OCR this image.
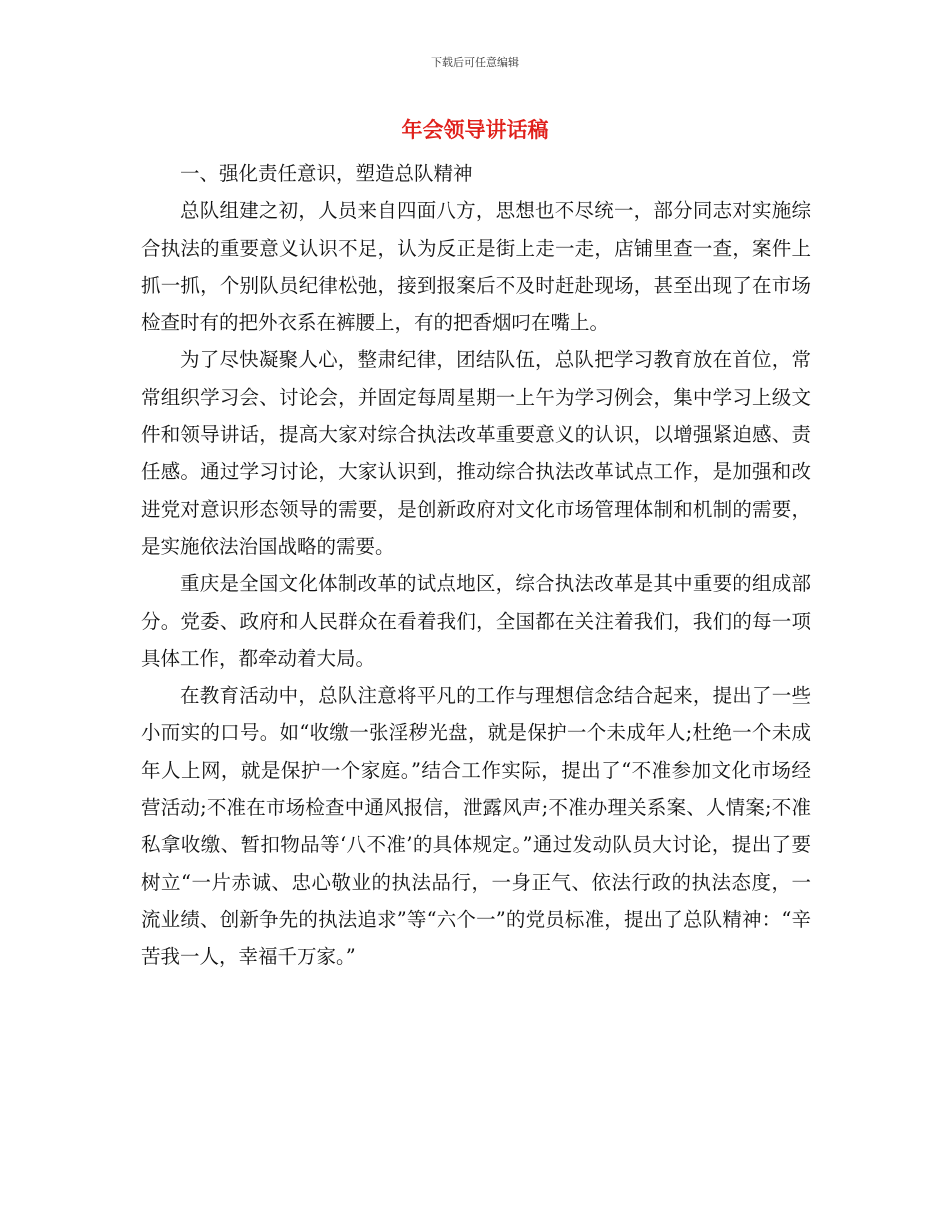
下载后可任意编辑
年会领导讲话稿

一、强化责任意识，塑造总队精神

总队组建之初，人员来自四面八方，思想也不尽统一，部分同志对实施综合执法的重要意义认识不足，认为反正是街上走一走，店铺里查一查，案件上抓一抓，个别队员纪律松弛，接到报案后不及时赶赴现场，甚至出现了在市场检查时有的把外衣系在裤腰上，有的把香烟叼在嘴上。

为了尽快凝聚人心，整肃纪律，团结队伍，总队把学习教育放在首位，常常组织学习会、讨论会，并固定每周星期一上午为学习例会，集中学习上级文件和领导讲话，提高大家对综合执法改革重要意义的认识，以增强紧迫感、责任感。通过学习讨论，大家认识到，推动综合执法改革试点工作，是加强和改进党对意识形态领导的需要，是创新政府对文化市场管理体制和机制的需要，是实施依法治国战略的需要。

重庆是全国文化体制改革的试点地区，综合执法改革是其中重要的组成部分。党委、政府和人民群众在看着我们，全国都在关注着我们，我们的每一项具体工作，都牵动着大局。

在教育活动中，总队注意将平凡的工作与理想信念结合起来，提出了一些小而实的口号。如“收缴一张淫秽光盘，就是保护一个未成年人;杜绝一个未成年人上网，就是保护一个家庭。”结合工作实际，提出了“不准参加文化市场经营活动;不准在市场检查中通风报信，泄露风声;不准办理关系案、人情案;不准私拿收缴、暂扣物品等‘八不准’的具体规定。”通过发动队员大讨论，提出了要树立“一片赤诚、忠心敬业的执法品行，一身正气、依法行政的执法态度，一流业绩、创新争先的执法追求”等“六个一”的党员标准，提出了总队精神：“辛苦我一人，幸福千万家。”
